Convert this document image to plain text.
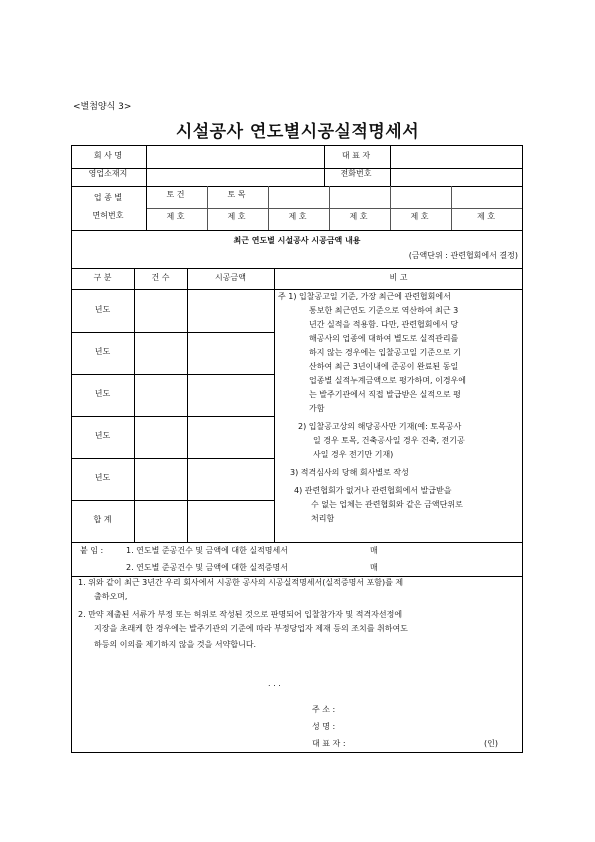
<별첨양식 3>
시설공사 연도별시공실적명세서
회 사 명	대 표 자
영업소재지	전화번호
업 종 별
면허번호
토 건	토 목
제 호	제 호	제 호	제 호	제 호	제 호
최근 연도별 시설공사 시공금액 내용
(금액단위 : 관련협회에서 결정)
구 분	건 수	시공금액	비 고
년도
년도
년도
년도
년도
합 계
주 1) 입찰공고일 기준, 가장 최근에 관련협회에서
통보한 최근연도 기준으로 역산하여 최근 3
년간 실적을 적용함. 다만, 관련협회에서 당
해공사의 업종에 대하여 별도로 실적관리를
하지 않는 경우에는 입찰공고일 기준으로 기
산하여 최근 3년이내에 준공이 완료된 동일
업종별 실적누계금액으로 평가하며, 이경우에
는 발주기관에서 직접 발급받은 실적으로 평
가함
2) 입찰공고상의 해당공사만 기재(예: 토목공사
일 경우 토목, 건축공사일 경우 건축, 전기공
사일 경우 전기만 기재)
3) 적격심사의 당해 회사별로 작성
4) 관련협회가 없거나 관련협회에서 발급받을
수 없는 업체는 관련협회와 같은 금액단위로
처리함
붙 임 :	1. 연도별 준공건수 및 금액에 대한 실적명세서	매
2. 연도별 준공건수 및 금액에 대한 실적증명서	매
1. 위와 같이 최근 3년간 우리 회사에서 시공한 공사의 시공실적명세서(실적증명서 포함)를 제
출하오며,
2. 만약 제출된 서류가 부정 또는 허위로 작성된 것으로 판명되어 입찰참가자 및 적격자선정에
지장을 초래케 한 경우에는 발주기관의 기준에 따라 부정당업자 제재 등의 조치를 취하여도
하등의 이의를 제기하지 않을 것을 서약합니다.
. . .
주 소 :
성 명 :
대 표 자 :	(인)
